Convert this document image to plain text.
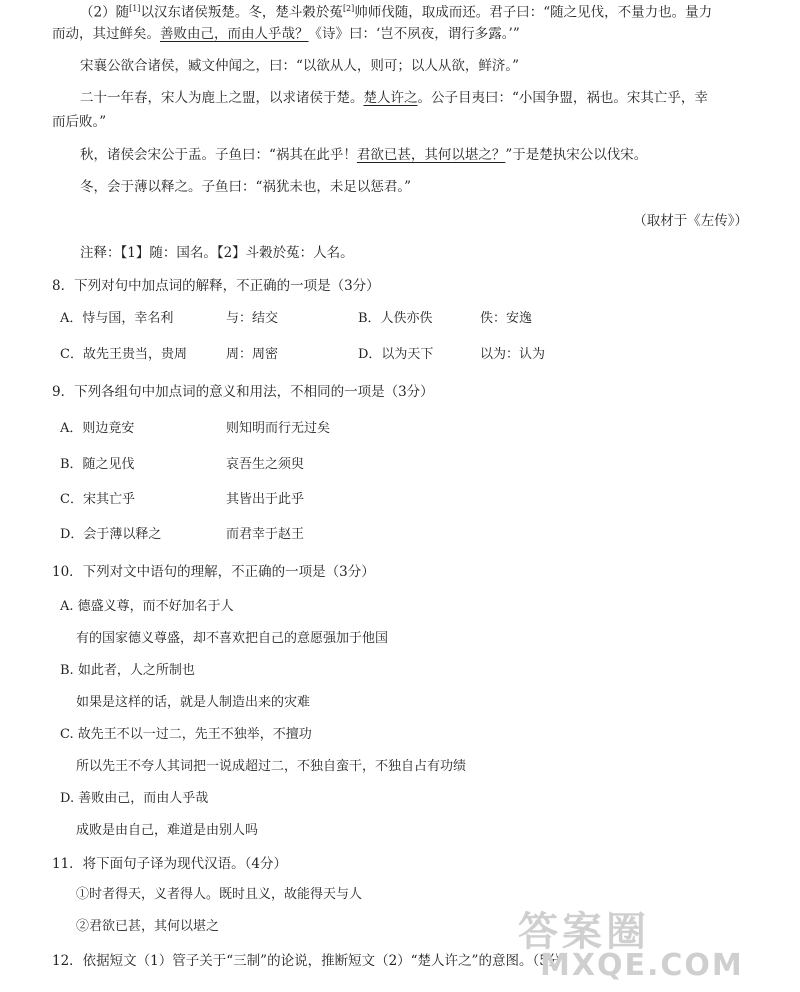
（2）随[1]以汉东诸侯叛楚。冬，楚斗穀於菟[2]帅师伐随，取成而还。君子曰：“随之见伐，不量力也。量力
而动，其过鲜矣。善败由己，而由人乎哉？《诗》曰：‘岂不夙夜，谓行多露。’”
宋襄公欲合诸侯，臧文仲闻之，曰：“以欲从人，则可；以人从欲，鲜济。”
二十一年春，宋人为鹿上之盟，以求诸侯于楚。楚人许之。公子目夷曰：“小国争盟，祸也。宋其亡乎，幸
而后败。”
秋，诸侯会宋公于盂。子鱼曰：“祸其在此乎！君欲已甚，其何以堪之？”于是楚执宋公以伐宋。
冬，会于薄以释之。子鱼曰：“祸犹未也，未足以惩君。”
（取材于《左传》）
注释：【1】随：国名。【2】斗穀於菟：人名。
8．下列对句中加点词的解释，不正确的一项是（3分）
A．恃与国，幸名利	与：结交	B．人佚亦佚	佚：安逸
C．故先王贵当，贵周	周：周密	D．以为天下	以为：认为
9．下列各组句中加点词的意义和用法，不相同的一项是（3分）
A．则边竟安	则知明而行无过矣
B．随之见伐	哀吾生之须臾
C．宋其亡乎	其皆出于此乎
D．会于薄以释之	而君幸于赵王
10．下列对文中语句的理解，不正确的一项是（3分）
A. 德盛义尊，而不好加名于人
有的国家德义尊盛，却不喜欢把自己的意愿强加于他国
B. 如此者，人之所制也
如果是这样的话，就是人制造出来的灾难
C. 故先王不以一过二，先王不独举，不擅功
所以先王不夸人其词把一说成超过二，不独自蛮干，不独自占有功绩
D. 善败由己，而由人乎哉
成败是由自己，难道是由别人吗
11．将下面句子译为现代汉语。（4分）
①时者得天，义者得人。既时且义，故能得天与人
②君欲已甚，其何以堪之
12．依据短文（1）管子关于“三制”的论说，推断短文（2）“楚人许之”的意图。（5分）
答案圈
MXQE.COM
